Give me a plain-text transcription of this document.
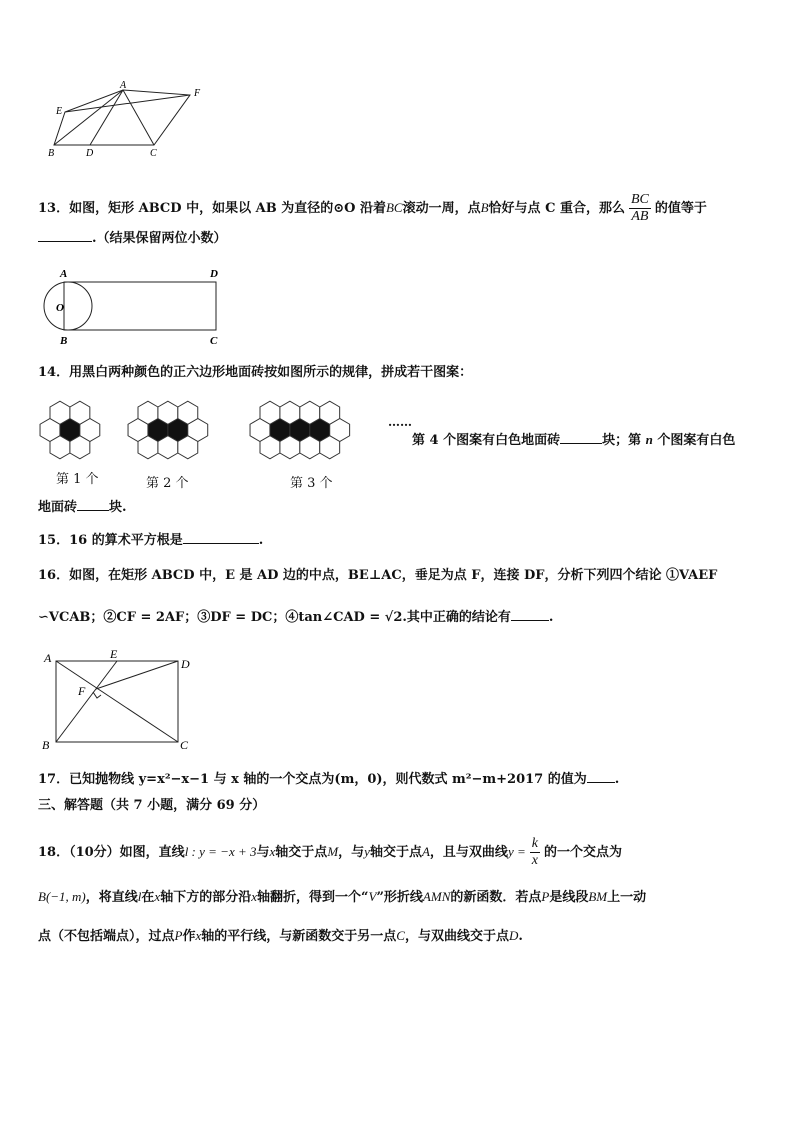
A
E
F
B	D	C
13．如图，矩形 ABCD 中，如果以 AB 为直径的⊙O 沿着BC滚动一周，点B恰好与点 C 重合，那么 $\frac{BC}{AB}$ 的值等于
.（结果保留两位小数）
A	D
O
B	C
14．用黑白两种颜色的正六边形地面砖按如图所示的规律，拼成若干图案：
第 1 个	第 2 个	第 3 个
……
第 4 个图案有白色地面砖	块；第 n 个图案有白色
地面砖 块.
15．16 的算术平方根是	.
16．如图，在矩形 ABCD 中，E 是 AD 边的中点，BE⊥AC，垂足为点 F，连接 DF，分析下列四个结论 ①VAEF
∽VCAB；②CF = 2AF；③DF = DC；④tan∠CAD = √2.其中正确的结论有	.
A	E
D
F
B	C
17．已知抛物线 y=x²−x−1 与 x 轴的一个交点为(m，0)，则代数式 m²−m+2017 的值为 .
三、解答题（共 7 小题，满分 69 分）
18．（10分）如图，直线l : y = −x + 3与x轴交于点M，与y轴交于点A，且与双曲线$y = \frac{k}{x}$ 的一个交点为
B(−1, m)，将直线l在x轴下方的部分沿x轴翻折，得到一个“V”形折线AMN的新函数．若点P是线段BM上一动
点（不包括端点），过点P作x轴的平行线，与新函数交于另一点C，与双曲线交于点D.
